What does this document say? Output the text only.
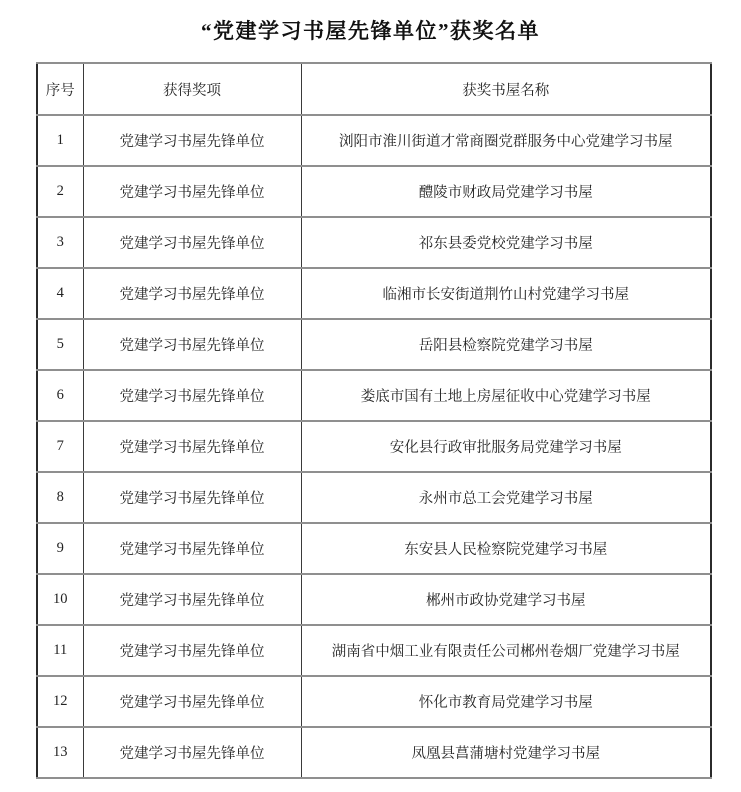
“党建学习书屋先锋单位”获奖名单
序号	获得奖项	获奖书屋名称
1	党建学习书屋先锋单位	浏阳市淮川街道才常商圈党群服务中心党建学习书屋
2	党建学习书屋先锋单位	醴陵市财政局党建学习书屋
3	党建学习书屋先锋单位	祁东县委党校党建学习书屋
4	党建学习书屋先锋单位	临湘市长安街道荆竹山村党建学习书屋
5	党建学习书屋先锋单位	岳阳县检察院党建学习书屋
6	党建学习书屋先锋单位	娄底市国有土地上房屋征收中心党建学习书屋
7	党建学习书屋先锋单位	安化县行政审批服务局党建学习书屋
8	党建学习书屋先锋单位	永州市总工会党建学习书屋
9	党建学习书屋先锋单位	东安县人民检察院党建学习书屋
10	党建学习书屋先锋单位	郴州市政协党建学习书屋
11	党建学习书屋先锋单位	湖南省中烟工业有限责任公司郴州卷烟厂党建学习书屋
12	党建学习书屋先锋单位	怀化市教育局党建学习书屋
13	党建学习书屋先锋单位	凤凰县菖蒲塘村党建学习书屋
